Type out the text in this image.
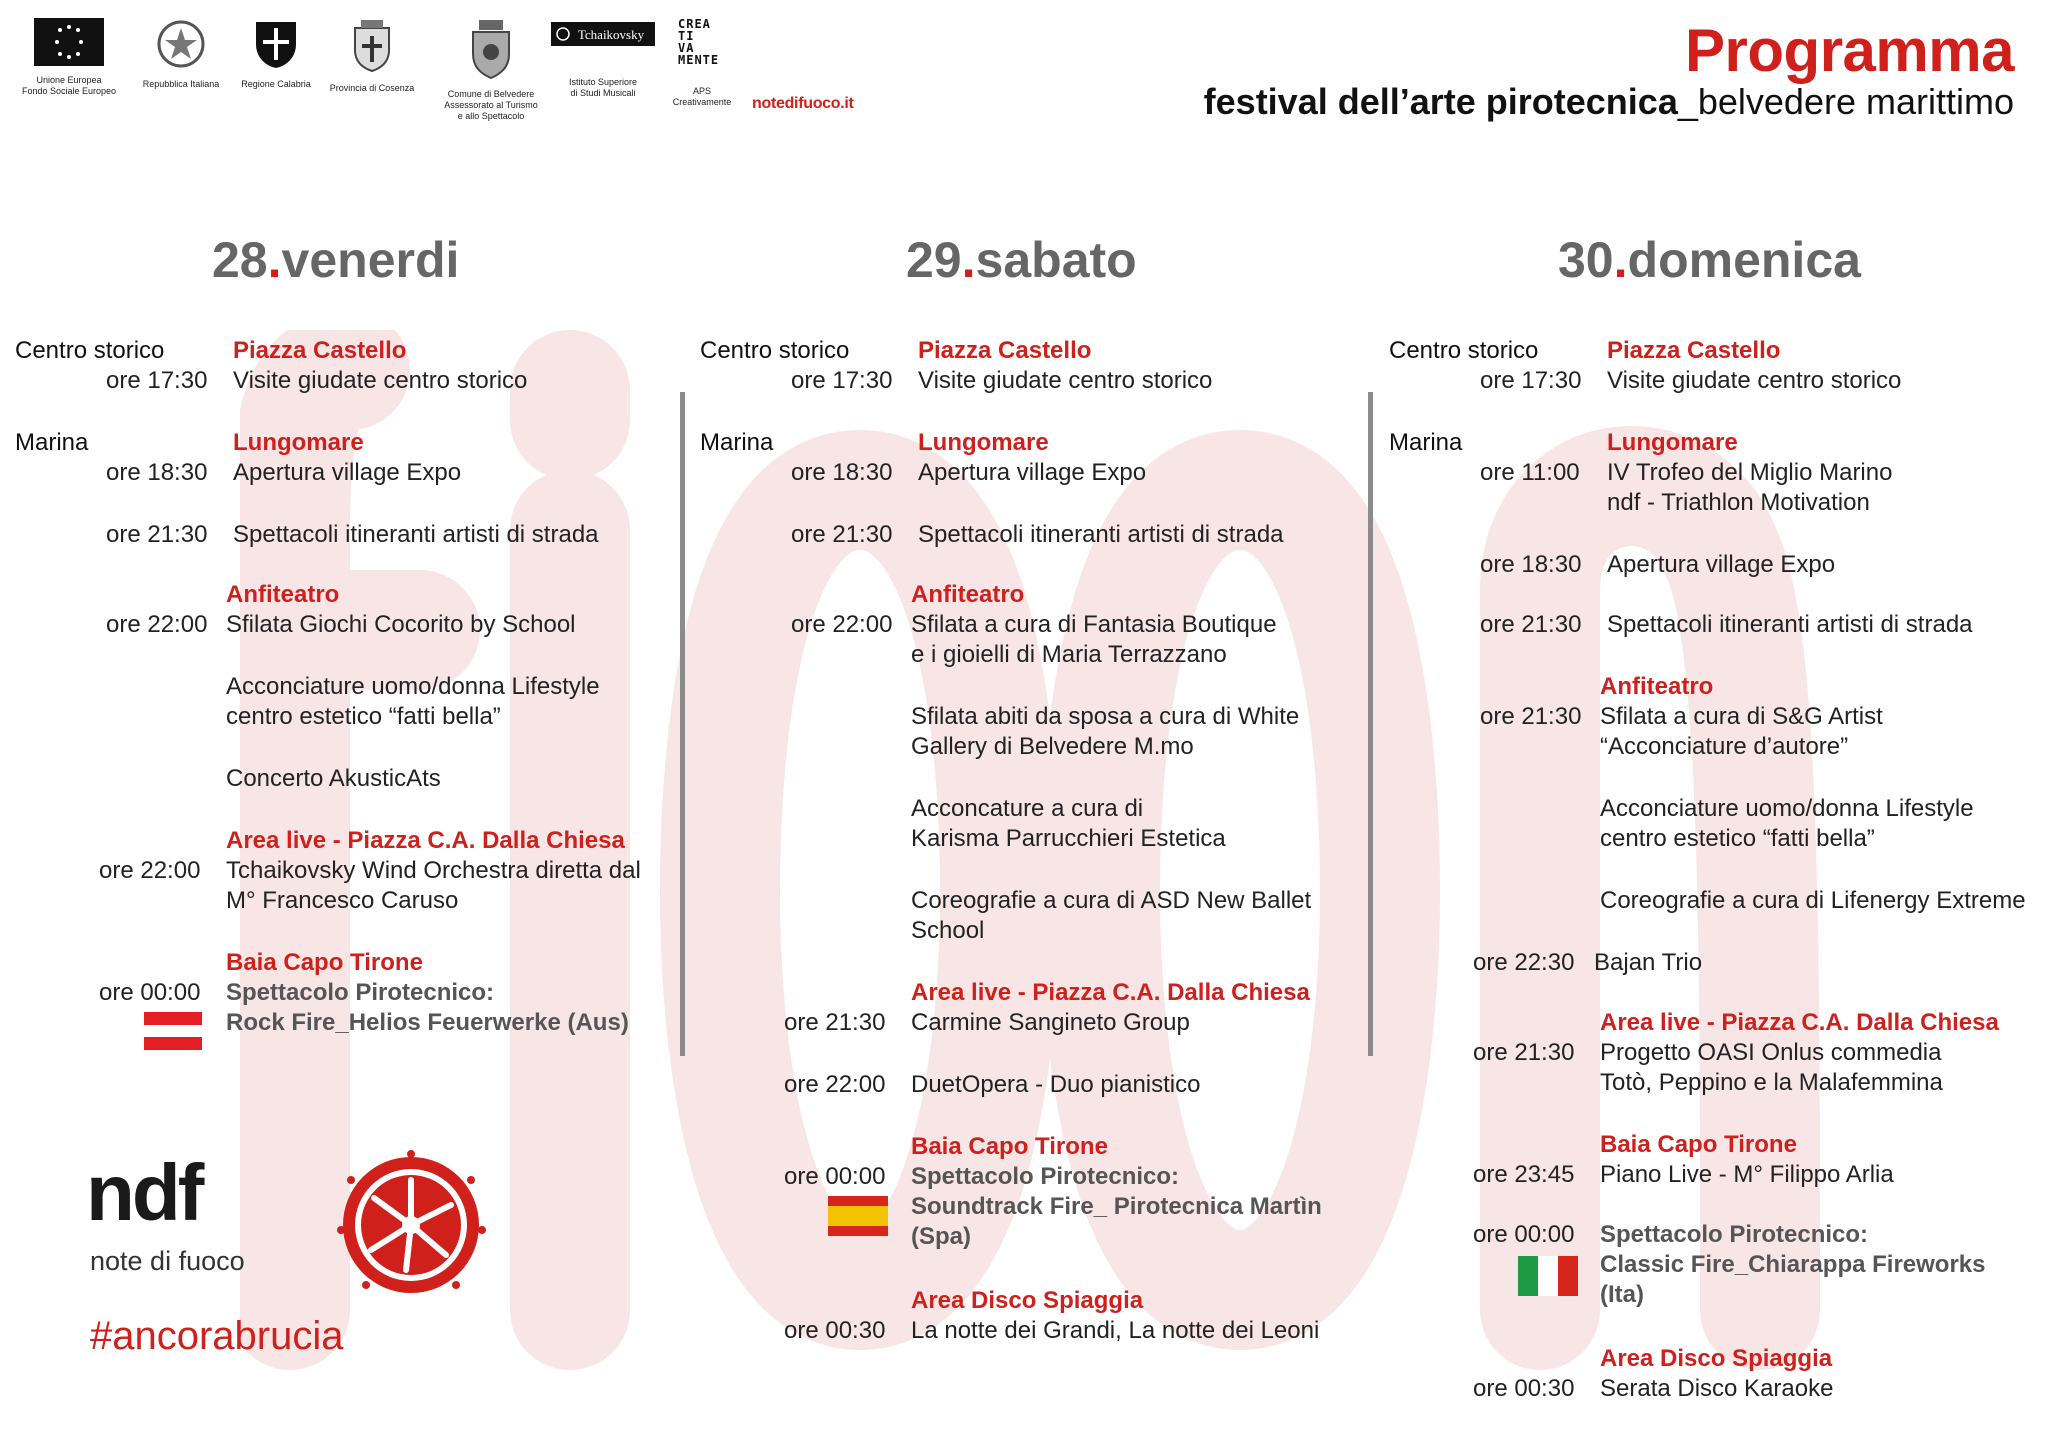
Unione Europea
Fondo Sociale Europeo
Repubblica Italiana	Regione Calabria	Provincia di Cosenza
Comune di Belvedere
Assessorato al Turismo
e allo Spettacolo
Tchaikovsky
Istituto Superiore
di Studi Musicali
CREA
TI
VA
MENTE
APS
Creativamente	notedifuoco.it
Programma
festival dell’arte pirotecnica_belvedere marittimo
28.venerdi	29.sabato	30.domenica
Centro storico	Piazza Castello
ore 17:30 Visite giudate centro storico
Marina	Lungomare
ore 18:30 Apertura village Expo
ore 21:30 Spettacoli itineranti artisti di strada
Anfiteatro
ore 22:00 Sfilata Giochi Cocorito by School
Acconciature uomo/donna Lifestyle
centro estetico “fatti bella”
Concerto AkusticAts
Area live - Piazza C.A. Dalla Chiesa
ore 22:00 Tchaikovsky Wind Orchestra diretta dal
M° Francesco Caruso
Baia Capo Tirone
ore 00:00 Spettacolo Pirotecnico:
Rock Fire_Helios Feuerwerke (Aus)
Centro storico	Piazza Castello
ore 17:30 Visite giudate centro storico
Marina	Lungomare
ore 18:30 Apertura village Expo
ore 21:30 Spettacoli itineranti artisti di strada
Anfiteatro
ore 22:00 Sfilata a cura di Fantasia Boutique
e i gioielli di Maria Terrazzano
Sfilata abiti da sposa a cura di White
Gallery di Belvedere M.mo
Acconcature a cura di
Karisma Parrucchieri Estetica
Coreografie a cura di ASD New Ballet
School
Area live - Piazza C.A. Dalla Chiesa
ore 21:30 Carmine Sangineto Group
ore 22:00 DuetOpera - Duo pianistico
Baia Capo Tirone
ore 00:00 Spettacolo Pirotecnico:
Soundtrack Fire_ Pirotecnica Martìn
(Spa)
Area Disco Spiaggia
ore 00:30 La notte dei Grandi, La notte dei Leoni
Centro storico	Piazza Castello
ore 17:30 Visite giudate centro storico
Marina	Lungomare
ore 11:00 IV Trofeo del Miglio Marino
ndf - Triathlon Motivation
ore 18:30 Apertura village Expo
ore 21:30 Spettacoli itineranti artisti di strada
Anfiteatro
ore 21:30 Sfilata a cura di S&G Artist
“Acconciature d’autore”
Acconciature uomo/donna Lifestyle
centro estetico “fatti bella”
Coreografie a cura di Lifenergy Extreme
ore 22:30 Bajan Trio
Area live - Piazza C.A. Dalla Chiesa
ore 21:30 Progetto OASI Onlus commedia
Totò, Peppino e la Malafemmina
Baia Capo Tirone
ore 23:45 Piano Live - M° Filippo Arlia
ore 00:00 Spettacolo Pirotecnico:
Classic Fire_Chiarappa Fireworks
(Ita)
Area Disco Spiaggia
ore 00:30 Serata Disco Karaoke
ndf
note di fuoco
#ancorabrucia
